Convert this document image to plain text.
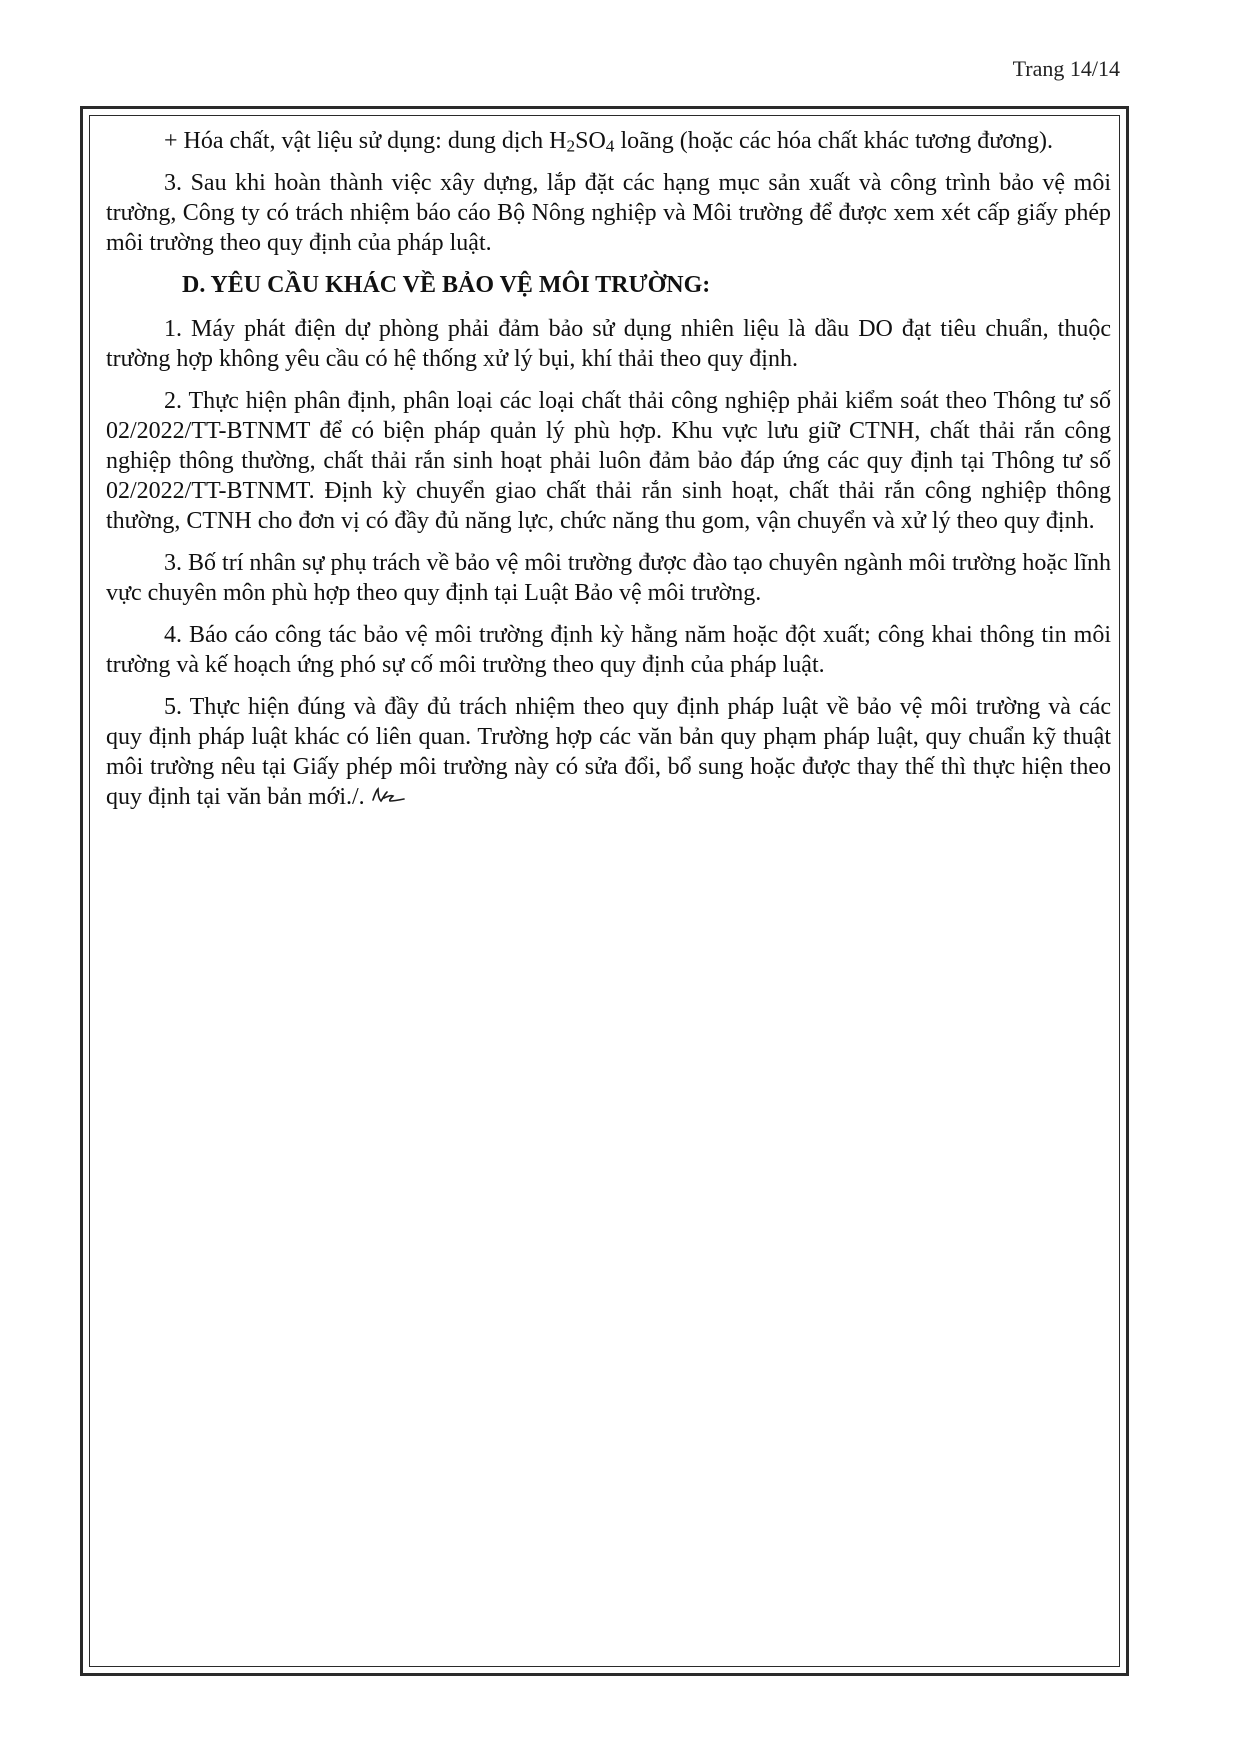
Trang 14/14

+ Hóa chất, vật liệu sử dụng: dung dịch H2SO4 loãng (hoặc các hóa chất khác tương đương).

3. Sau khi hoàn thành việc xây dựng, lắp đặt các hạng mục sản xuất và công trình bảo vệ môi trường, Công ty có trách nhiệm báo cáo Bộ Nông nghiệp và Môi trường để được xem xét cấp giấy phép môi trường theo quy định của pháp luật.

D. YÊU CẦU KHÁC VỀ BẢO VỆ MÔI TRƯỜNG:

1. Máy phát điện dự phòng phải đảm bảo sử dụng nhiên liệu là dầu DO đạt tiêu chuẩn, thuộc trường hợp không yêu cầu có hệ thống xử lý bụi, khí thải theo quy định.

2. Thực hiện phân định, phân loại các loại chất thải công nghiệp phải kiểm soát theo Thông tư số 02/2022/TT-BTNMT để có biện pháp quản lý phù hợp. Khu vực lưu giữ CTNH, chất thải rắn công nghiệp thông thường, chất thải rắn sinh hoạt phải luôn đảm bảo đáp ứng các quy định tại Thông tư số 02/2022/TT-BTNMT. Định kỳ chuyển giao chất thải rắn sinh hoạt, chất thải rắn công nghiệp thông thường, CTNH cho đơn vị có đầy đủ năng lực, chức năng thu gom, vận chuyển và xử lý theo quy định.

3. Bố trí nhân sự phụ trách về bảo vệ môi trường được đào tạo chuyên ngành môi trường hoặc lĩnh vực chuyên môn phù hợp theo quy định tại Luật Bảo vệ môi trường.

4. Báo cáo công tác bảo vệ môi trường định kỳ hằng năm hoặc đột xuất; công khai thông tin môi trường và kế hoạch ứng phó sự cố môi trường theo quy định của pháp luật.

5. Thực hiện đúng và đầy đủ trách nhiệm theo quy định pháp luật về bảo vệ môi trường và các quy định pháp luật khác có liên quan. Trường hợp các văn bản quy phạm pháp luật, quy chuẩn kỹ thuật môi trường nêu tại Giấy phép môi trường này có sửa đổi, bổ sung hoặc được thay thế thì thực hiện theo quy định tại văn bản mới./.
